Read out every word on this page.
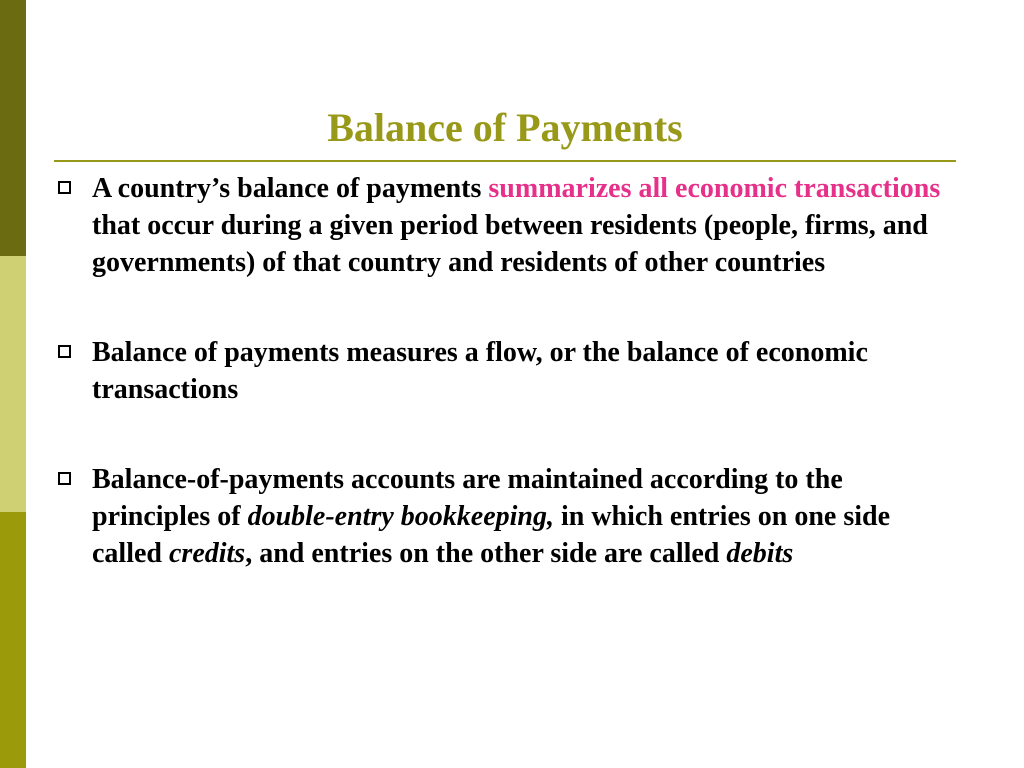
Balance of Payments
A country’s balance of payments summarizes all economic transactions that occur during a given period between residents (people, firms, and governments) of that country and residents of other countries
Balance of payments measures a flow, or the balance of economic transactions
Balance-of-payments accounts are maintained according to the principles of double-entry bookkeeping, in which entries on one side called credits, and entries on the other side are called debits
